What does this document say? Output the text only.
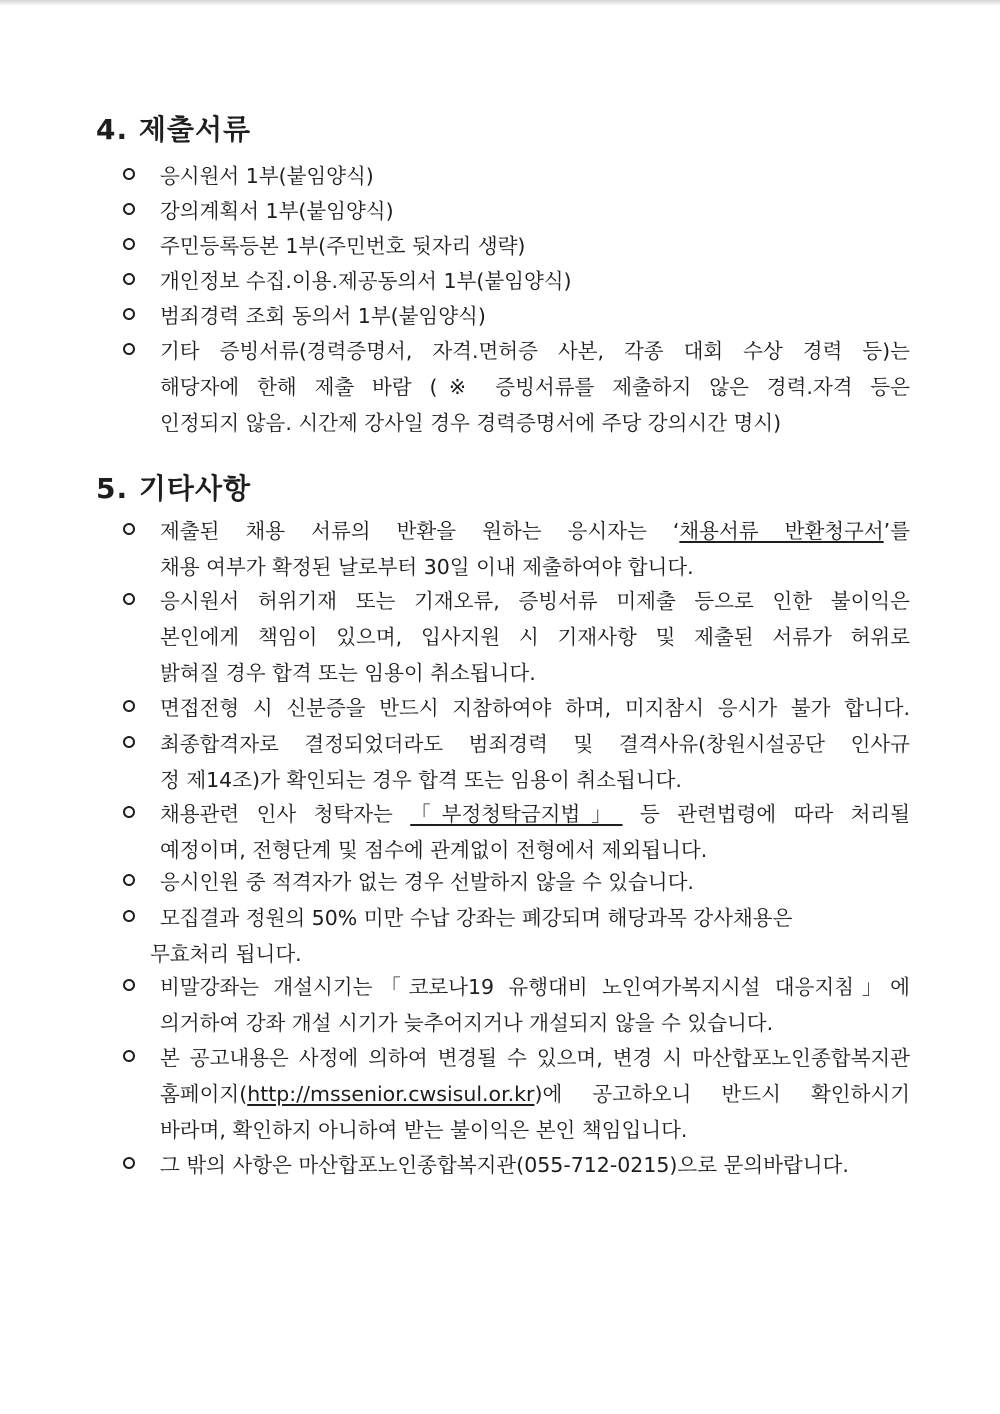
4. 제출서류
응시원서 1부(붙임양식)
강의계획서 1부(붙임양식)
주민등록등본 1부(주민번호 뒷자리 생략)
개인정보 수집.이용.제공동의서 1부(붙임양식)
범죄경력 조회 동의서 1부(붙임양식)
기타 증빙서류(경력증명서, 자격.면허증 사본, 각종 대회 수상 경력 등)는
해당자에 한해 제출 바람 (※ 증빙서류를 제출하지 않은 경력.자격 등은
인정되지 않음. 시간제 강사일 경우 경력증명서에 주당 강의시간 명시)
5. 기타사항
제출된 채용 서류의 반환을 원하는 응시자는 ‘채용서류 반환청구서’를
채용 여부가 확정된 날로부터 30일 이내 제출하여야 합니다.
응시원서 허위기재 또는 기재오류, 증빙서류 미제출 등으로 인한 불이익은
본인에게 책임이 있으며, 입사지원 시 기재사항 및 제출된 서류가 허위로
밝혀질 경우 합격 또는 임용이 취소됩니다.
면접전형 시 신분증을 반드시 지참하여야 하며, 미지참시 응시가 불가 합니다.
최종합격자로 결정되었더라도 범죄경력 및 결격사유(창원시설공단 인사규
정 제14조)가 확인되는 경우 합격 또는 임용이 취소됩니다.
채용관련 인사 청탁자는 「부정청탁금지법」 등 관련법령에 따라 처리될
예정이며, 전형단계 및 점수에 관계없이 전형에서 제외됩니다.
응시인원 중 적격자가 없는 경우 선발하지 않을 수 있습니다.
모집결과 정원의 50% 미만 수납 강좌는 폐강되며 해당과목 강사채용은
무효처리 됩니다.
비말강좌는 개설시기는「코로나19 유행대비 노인여가복지시설 대응지침」에
의거하여 강좌 개설 시기가 늦추어지거나 개설되지 않을 수 있습니다.
본 공고내용은 사정에 의하여 변경될 수 있으며, 변경 시 마산합포노인종합복지관
홈페이지(http://mssenior.cwsisul.or.kr)에 공고하오니 반드시 확인하시기
바라며, 확인하지 아니하여 받는 불이익은 본인 책임입니다.
그 밖의 사항은 마산합포노인종합복지관(055-712-0215)으로 문의바랍니다.
